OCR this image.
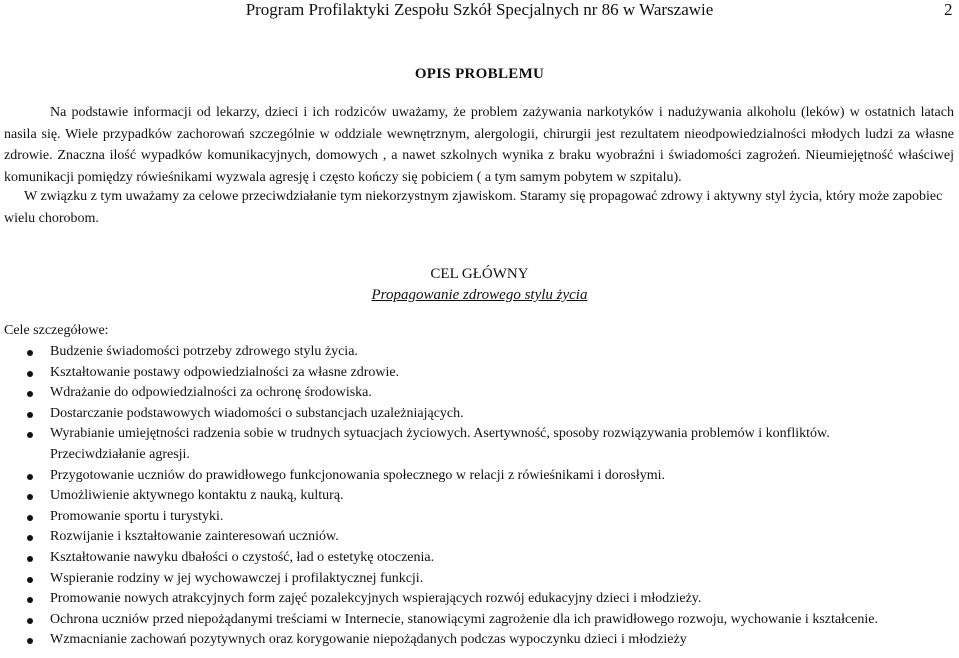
Program Profilaktyki Zespołu Szkół Specjalnych nr 86 w Warszawie	2
OPIS PROBLEMU
Na podstawie informacji od lekarzy, dzieci i ich rodziców uważamy, że problem zażywania narkotyków i nadużywania alkoholu (leków) w ostatnich latach nasila się. Wiele przypadków zachorowań szczególnie w oddziale wewnętrznym, alergologii, chirurgii jest rezultatem nieodpowiedzialności młodych ludzi za własne zdrowie. Znaczna ilość wypadków komunikacyjnych, domowych , a nawet szkolnych wynika z braku wyobraźni i świadomości zagrożeń. Nieumiejętność właściwej komunikacji pomiędzy rówieśnikami wyzwala agresję i często kończy się pobiciem ( a tym samym pobytem w szpitalu).
W związku z tym uważamy za celowe przeciwdziałanie tym niekorzystnym zjawiskom. Staramy się propagować zdrowy i aktywny styl życia, który może zapobiec wielu chorobom.
CEL GŁÓWNY
Propagowanie zdrowego stylu życia
Cele szczegółowe:
Budzenie świadomości potrzeby zdrowego stylu życia.
Kształtowanie postawy odpowiedzialności za własne zdrowie.
Wdrażanie do odpowiedzialności za ochronę środowiska.
Dostarczanie podstawowych wiadomości o substancjach uzależniających.
Wyrabianie umiejętności radzenia sobie w trudnych sytuacjach życiowych. Asertywność, sposoby rozwiązywania problemów i konfliktów.
Przeciwdziałanie agresji.
Przygotowanie uczniów do prawidłowego funkcjonowania społecznego w relacji z rówieśnikami i dorosłymi.
Umożliwienie aktywnego kontaktu z nauką, kulturą.
Promowanie sportu i turystyki.
Rozwijanie i kształtowanie zainteresowań uczniów.
Kształtowanie nawyku dbałości o czystość, ład o estetykę otoczenia.
Wspieranie rodziny w jej wychowawczej i profilaktycznej funkcji.
Promowanie nowych atrakcyjnych form zajęć pozalekcyjnych wspierających rozwój edukacyjny dzieci i młodzieży.
Ochrona uczniów przed niepożądanymi treściami w Internecie, stanowiącymi zagrożenie dla ich prawidłowego rozwoju, wychowanie i kształcenie.
Wzmacnianie zachowań pozytywnych oraz korygowanie niepożądanych podczas wypoczynku dzieci i młodzieży
